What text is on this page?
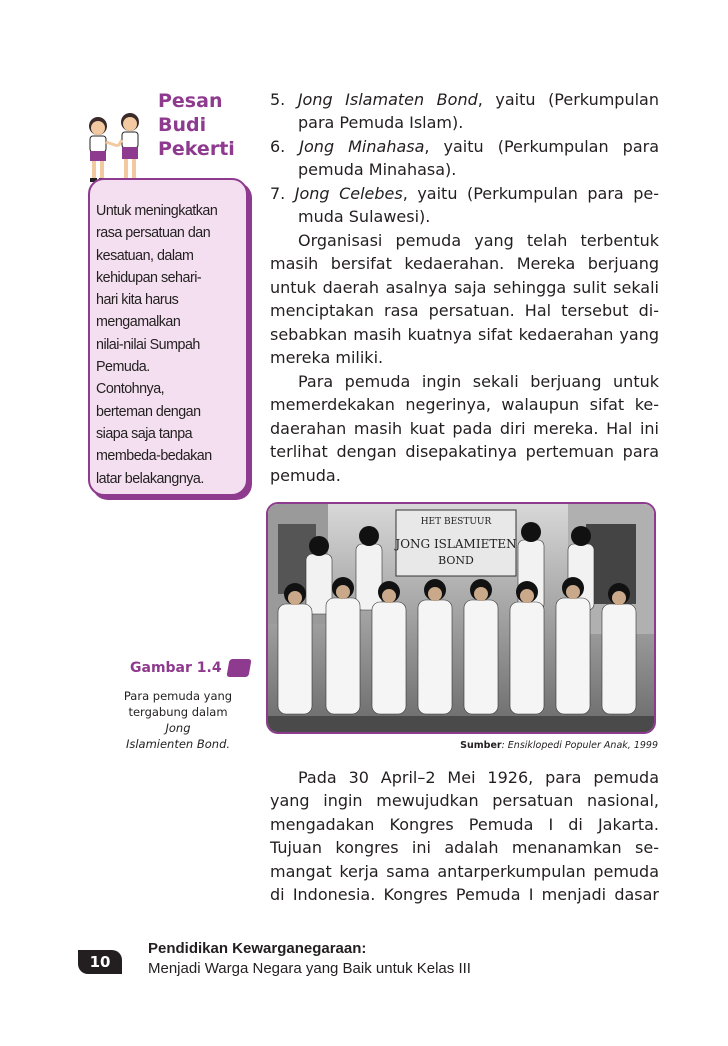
Pesan
Budi
Pekerti
Untuk meningkatkan
rasa persatuan dan
kesatuan, dalam
kehidupan sehari-
hari kita harus
mengamalkan
nilai-nilai Sumpah
Pemuda.
Contohnya,
berteman dengan
siapa saja tanpa
membeda-bedakan
latar belakangnya.
5. Jong Islamaten Bond, yaitu (Perkumpulan
para Pemuda Islam).
6. Jong Minahasa, yaitu (Perkumpulan para
pemuda Minahasa).
7. Jong Celebes, yaitu (Perkumpulan para pe-
muda Sulawesi).
Organisasi pemuda yang telah terbentuk
masih bersifat kedaerahan. Mereka berjuang
untuk daerah asalnya saja sehingga sulit sekali
menciptakan rasa persatuan. Hal tersebut di-
sebabkan masih kuatnya sifat kedaerahan yang
mereka miliki.
Para pemuda ingin sekali berjuang untuk
memerdekakan negerinya, walaupun sifat ke-
daerahan masih kuat pada diri mereka. Hal ini
terlihat dengan disepakatinya pertemuan para
pemuda.
HET BESTUUR
JONG ISLAMIETEN
BOND
Gambar 1.4
Para pemuda yang
tergabung dalam
Jong
Islamienten Bond.	Sumber: Ensiklopedi Populer Anak, 1999
Pada 30 April–2 Mei 1926, para pemuda
yang ingin mewujudkan persatuan nasional,
mengadakan Kongres Pemuda I di Jakarta.
Tujuan kongres ini adalah menanamkan se-
mangat kerja sama antarperkumpulan pemuda
di Indonesia. Kongres Pemuda I menjadi dasar
10
Pendidikan Kewarganegaraan:
Menjadi Warga Negara yang Baik untuk Kelas III
